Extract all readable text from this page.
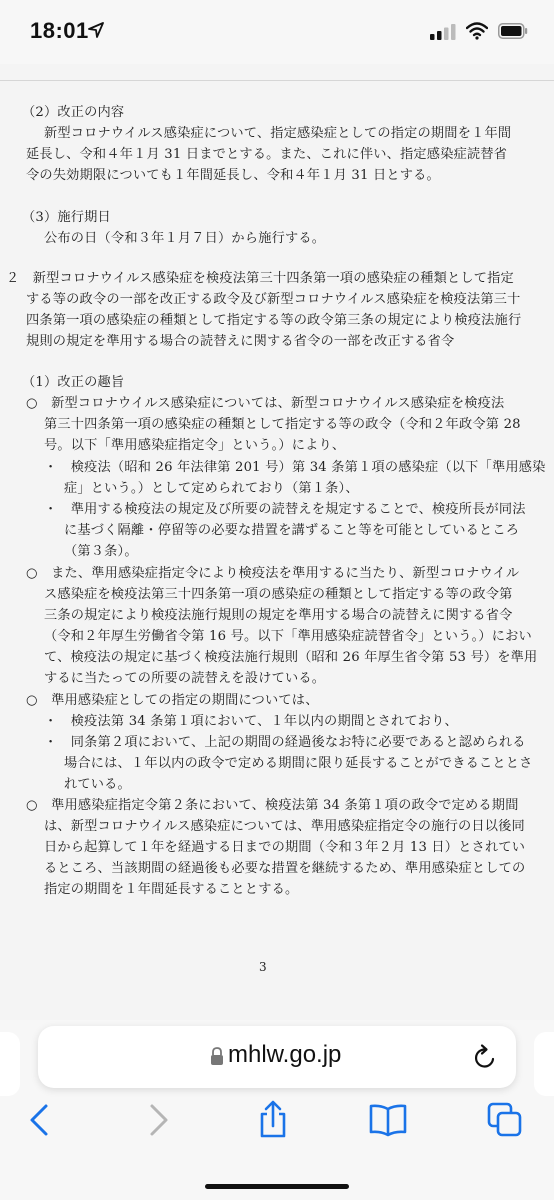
18:01
（2）改正の内容
新型コロナウイルス感染症について、指定感染症としての指定の期間を１年間
延長し、令和４年１月 31 日までとする。また、これに伴い、指定感染症読替省
令の失効期限についても１年間延長し、令和４年１月 31 日とする。
（3）施行期日
公布の日（令和３年１月７日）から施行する。
２　新型コロナウイルス感染症を検疫法第三十四条第一項の感染症の種類として指定
する等の政令の一部を改正する政令及び新型コロナウイルス感染症を検疫法第三十
四条第一項の感染症の種類として指定する等の政令第三条の規定により検疫法施行
規則の規定を準用する場合の読替えに関する省令の一部を改正する省令
（1）改正の趣旨
○　新型コロナウイルス感染症については、新型コロナウイルス感染症を検疫法
第三十四条第一項の感染症の種類として指定する等の政令（令和２年政令第 28
号。以下「準用感染症指定令」という。）により、
・　検疫法（昭和 26 年法律第 201 号）第 34 条第１項の感染症（以下「準用感染
症」という。）として定められており（第１条）、
・　準用する検疫法の規定及び所要の読替えを規定することで、検疫所長が同法
に基づく隔離・停留等の必要な措置を講ずること等を可能としているところ
（第３条）。
○　また、準用感染症指定令により検疫法を準用するに当たり、新型コロナウイル
ス感染症を検疫法第三十四条第一項の感染症の種類として指定する等の政令第
三条の規定により検疫法施行規則の規定を準用する場合の読替えに関する省令
（令和２年厚生労働省令第 16 号。以下「準用感染症読替省令」という。）におい
て、検疫法の規定に基づく検疫法施行規則（昭和 26 年厚生省令第 53 号）を準用
するに当たっての所要の読替えを設けている。
○　準用感染症としての指定の期間については、
・　検疫法第 34 条第１項において、１年以内の期間とされており、
・　同条第２項において、上記の期間の経過後なお特に必要であると認められる
場合には、１年以内の政令で定める期間に限り延長することができることとさ
れている。
○　準用感染症指定令第２条において、検疫法第 34 条第１項の政令で定める期間
は、新型コロナウイルス感染症については、準用感染症指定令の施行の日以後同
日から起算して１年を経過する日までの期間（令和３年２月 13 日）とされてい
るところ、当該期間の経過後も必要な措置を継続するため、準用感染症としての
指定の期間を１年間延長することとする。
3
mhlw.go.jp
